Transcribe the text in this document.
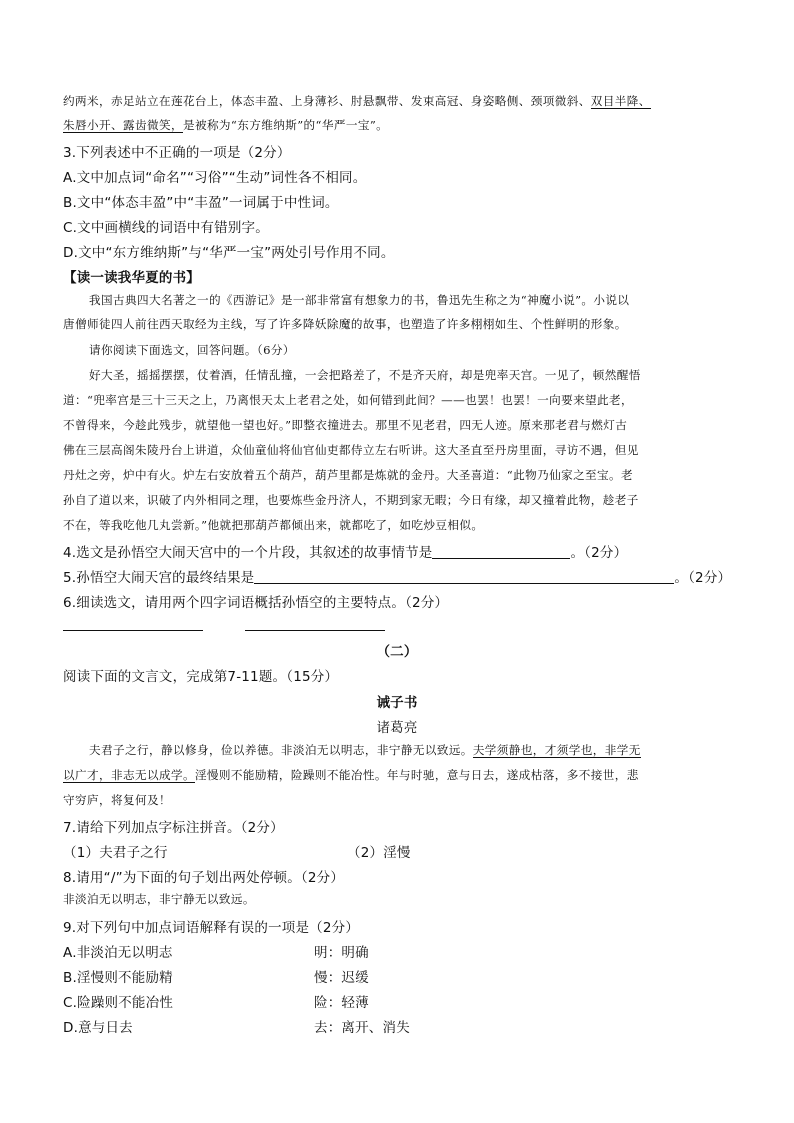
约两米，赤足站立在莲花台上，体态丰盈、上身薄衫、肘悬飘带、发束高冠、身姿略侧、颈项微斜、双目半降、
朱唇小开、露齿微笑，是被称为“东方维纳斯”的“华严一宝”。
3.下列表述中不正确的一项是（2分）
A.文中加点词“命名”“习俗”“生动”词性各不相同。
B.文中“体态丰盈”中“丰盈”一词属于中性词。
C.文中画横线的词语中有错别字。
D.文中“东方维纳斯”与“华严一宝”两处引号作用不同。
【读一读我华夏的书】
我国古典四大名著之一的《西游记》是一部非常富有想象力的书，鲁迅先生称之为“神魔小说”。小说以
唐僧师徒四人前往西天取经为主线，写了许多降妖除魔的故事，也塑造了许多栩栩如生、个性鲜明的形象。
请你阅读下面选文，回答问题。（6分）
好大圣，摇摇摆摆，仗着酒，任情乱撞，一会把路差了，不是齐天府，却是兜率天宫。一见了，顿然醒悟
道：“兜率宫是三十三天之上，乃离恨天太上老君之处，如何错到此间？——也罢！也罢！一向要来望此老，
不曾得来，今趁此残步，就望他一望也好。”即整衣撞进去。那里不见老君，四无人迹。原来那老君与燃灯古
佛在三层高阁朱陵丹台上讲道，众仙童仙将仙官仙吏都侍立左右听讲。这大圣直至丹房里面，寻访不遇，但见
丹灶之旁，炉中有火。炉左右安放着五个葫芦，葫芦里都是炼就的金丹。大圣喜道：“此物乃仙家之至宝。老
孙自了道以来，识破了内外相同之理，也要炼些金丹济人，不期到家无暇；今日有缘，却又撞着此物，趁老子
不在，等我吃他几丸尝新。”他就把那葫芦都倾出来，就都吃了，如吃炒豆相似。
4.选文是孙悟空大闹天宫中的一个片段，其叙述的故事情节是	。（2分）
5.孙悟空大闹天宫的最终结果是	。（2分）
6.细读选文，请用两个四字词语概括孙悟空的主要特点。（2分）
（二）
阅读下面的文言文，完成第7-11题。（15分）
诫子书
诸葛亮
夫君子之行，静以修身，俭以养德。非淡泊无以明志，非宁静无以致远。夫学须静也，才须学也，非学无
以广才，非志无以成学。淫慢则不能励精，险躁则不能冶性。年与时驰，意与日去，遂成枯落，多不接世，悲
守穷庐，将复何及！
7.请给下列加点字标注拼音。（2分）
（1）夫君子之行	（2）淫慢
8.请用“/”为下面的句子划出两处停顿。（2分）
非淡泊无以明志，非宁静无以致远。
9.对下列句中加点词语解释有误的一项是（2分）
A.非淡泊无以明志	明：明确
B.淫慢则不能励精	慢：迟缓
C.险躁则不能冶性	险：轻薄
D.意与日去	去：离开、消失
